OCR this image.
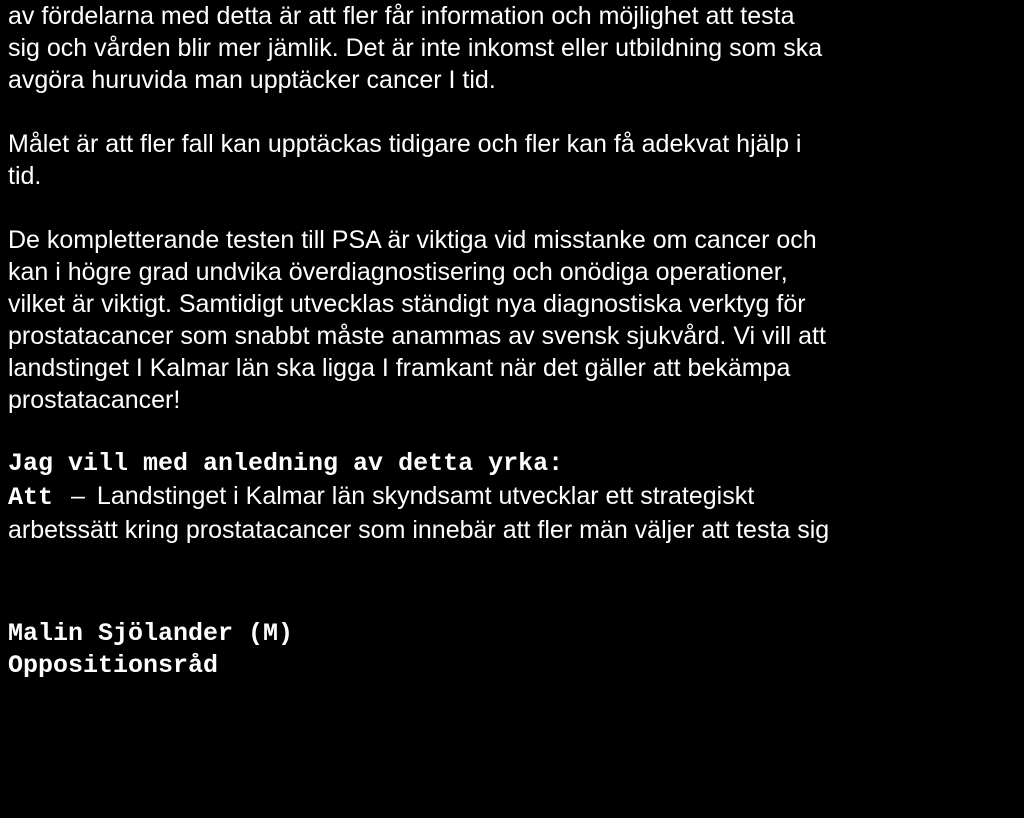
av fördelarna med detta är att fler får information och möjlighet att testa
sig och vården blir mer jämlik. Det är inte inkomst eller utbildning som ska
avgöra huruvida man upptäcker cancer I tid.
Målet är att fler fall kan upptäckas tidigare och fler kan få adekvat hjälp i
tid.
De kompletterande testen till PSA är viktiga vid misstanke om cancer och
kan i högre grad undvika överdiagnostisering och onödiga operationer,
vilket är viktigt. Samtidigt utvecklas ständigt nya diagnostiska verktyg för
prostatacancer som snabbt måste anammas av svensk sjukvård. Vi vill att
landstinget I Kalmar län ska ligga I framkant när det gäller att bekämpa
prostatacancer!
Jag vill med anledning av detta yrka:
Att – Landstinget i Kalmar län skyndsamt utvecklar ett strategiskt
arbetssätt kring prostatacancer som innebär att fler män väljer att testa sig
Malin Sjölander (M)
Oppositionsråd
